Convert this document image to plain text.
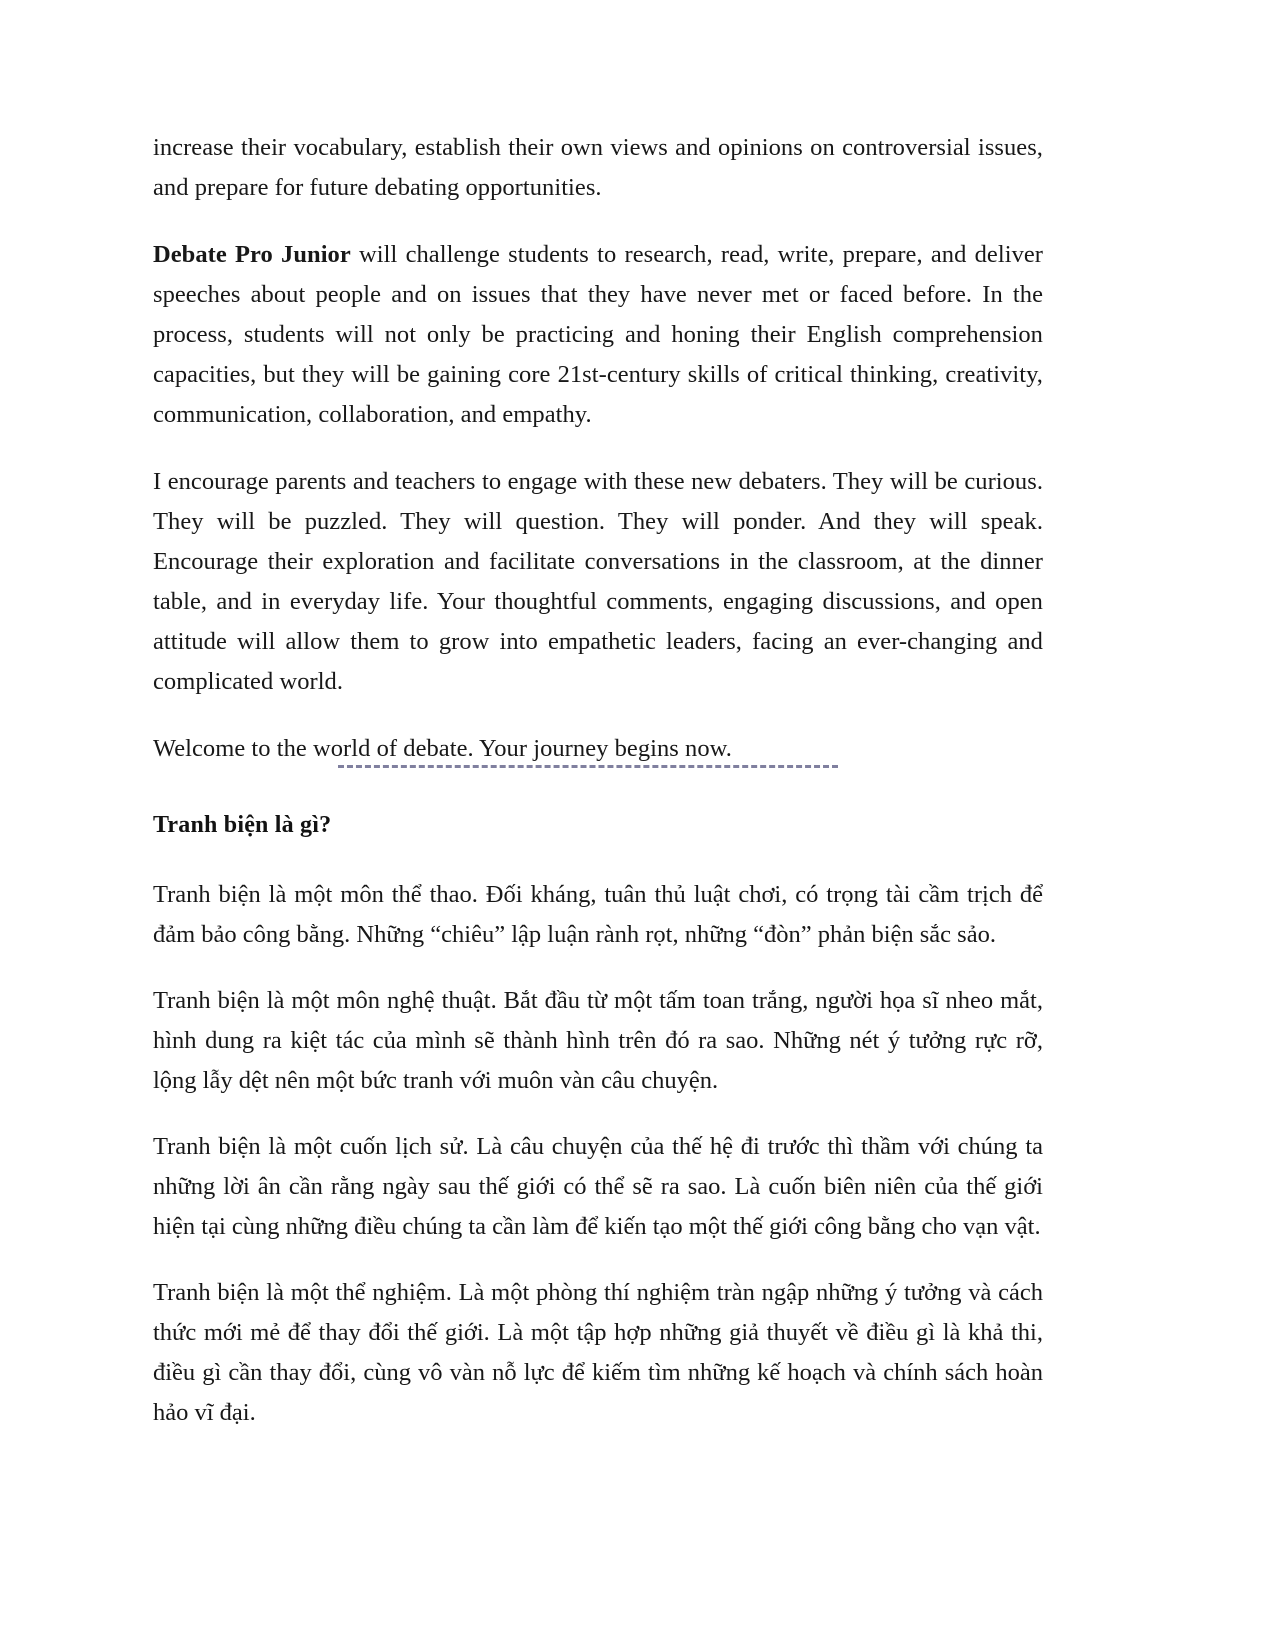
increase their vocabulary, establish their own views and opinions on controversial issues, and prepare for future debating opportunities.

Debate Pro Junior will challenge students to research, read, write, prepare, and deliver speeches about people and on issues that they have never met or faced before. In the process, students will not only be practicing and honing their English comprehension capacities, but they will be gaining core 21st-century skills of critical thinking, creativity, communication, collaboration, and empathy.

I encourage parents and teachers to engage with these new debaters. They will be curious. They will be puzzled. They will question. They will ponder. And they will speak. Encourage their exploration and facilitate conversations in the classroom, at the dinner table, and in everyday life. Your thoughtful comments, engaging discussions, and open attitude will allow them to grow into empathetic leaders, facing an ever-changing and complicated world.

Welcome to the world of debate. Your journey begins now.

Tranh biện là gì?

Tranh biện là một môn thể thao. Đối kháng, tuân thủ luật chơi, có trọng tài cầm trịch để đảm bảo công bằng. Những “chiêu” lập luận rành rọt, những “đòn” phản biện sắc sảo.

Tranh biện là một môn nghệ thuật. Bắt đầu từ một tấm toan trắng, người họa sĩ nheo mắt, hình dung ra kiệt tác của mình sẽ thành hình trên đó ra sao. Những nét ý tưởng rực rỡ, lộng lẫy dệt nên một bức tranh với muôn vàn câu chuyện.

Tranh biện là một cuốn lịch sử. Là câu chuyện của thế hệ đi trước thì thầm với chúng ta những lời ân cần rằng ngày sau thế giới có thể sẽ ra sao. Là cuốn biên niên của thế giới hiện tại cùng những điều chúng ta cần làm để kiến tạo một thế giới công bằng cho vạn vật.

Tranh biện là một thể nghiệm. Là một phòng thí nghiệm tràn ngập những ý tưởng và cách thức mới mẻ để thay đổi thế giới. Là một tập hợp những giả thuyết về điều gì là khả thi, điều gì cần thay đổi, cùng vô vàn nỗ lực để kiếm tìm những kế hoạch và chính sách hoàn hảo vĩ đại.
